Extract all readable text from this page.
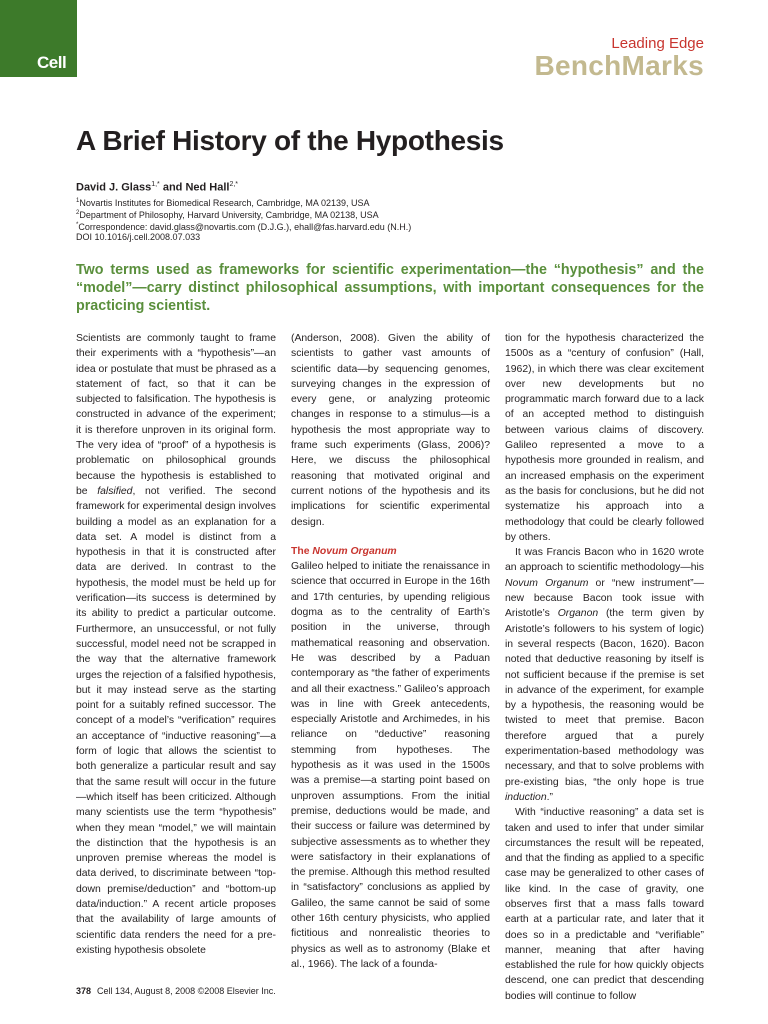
Cell
Leading Edge
BenchMarks
A Brief History of the Hypothesis
David J. Glass$^{1,*}$ and Ned Hall$^{2,*}$
$^1$Novartis Institutes for Biomedical Research, Cambridge, MA 02139, USA
$^2$Department of Philosophy, Harvard University, Cambridge, MA 02138, USA
*Correspondence: david.glass@novartis.com (D.J.G.), ehall@fas.harvard.edu (N.H.)
DOI 10.1016/j.cell.2008.07.033

Two terms used as frameworks for scientific experimentation—the “hypothesis” and the “model”—carry distinct philosophical assumptions, with important consequences for the practicing scientist.

Scientists are commonly taught to frame their experiments with a “hypothesis”—an idea or postulate that must be phrased as a statement of fact, so that it can be subjected to falsification. The hypothesis is constructed in advance of the experiment; it is therefore unproven in its original form. The very idea of “proof” of a hypothesis is problematic on philosophical grounds because the hypothesis is established to be falsified, not verified. The second framework for experimental design involves building a model as an explanation for a data set. A model is distinct from a hypothesis in that it is constructed after data are derived. In contrast to the hypothesis, the model must be held up for verification—its success is determined by its ability to predict a particular outcome. Furthermore, an unsuccessful, or not fully successful, model need not be scrapped in the way that the alternative framework urges the rejection of a falsified hypothesis, but it may instead serve as the starting point for a suitably refined successor. The concept of a model’s “verification” requires an acceptance of “inductive reasoning”—a form of logic that allows the scientist to both generalize a particular result and say that the same result will occur in the future—which itself has been criticized. Although many scientists use the term “hypothesis” when they mean “model,” we will maintain the distinction that the hypothesis is an unproven premise whereas the model is data derived, to discriminate between “top-down premise/deduction” and “bottom-up data/induction.” A recent article proposes that the availability of large amounts of scientific data renders the need for a pre-existing hypothesis obsolete

(Anderson, 2008). Given the ability of scientists to gather vast amounts of scientific data—by sequencing genomes, surveying changes in the expression of every gene, or analyzing proteomic changes in response to a stimulus—is a hypothesis the most appropriate way to frame such experiments (Glass, 2006)? Here, we discuss the philosophical reasoning that motivated original and current notions of the hypothesis and its implications for scientific experimental design.

The Novum Organum

Galileo helped to initiate the renaissance in science that occurred in Europe in the 16th and 17th centuries, by upending religious dogma as to the centrality of Earth’s position in the universe, through mathematical reasoning and observation. He was described by a Paduan contemporary as “the father of experiments and all their exactness.” Galileo’s approach was in line with Greek antecedents, especially Aristotle and Archimedes, in his reliance on “deductive” reasoning stemming from hypotheses. The hypothesis as it was used in the 1500s was a premise—a starting point based on unproven assumptions. From the initial premise, deductions would be made, and their success or failure was determined by subjective assessments as to whether they were satisfactory in their explanations of the premise. Although this method resulted in “satisfactory” conclusions as applied by Galileo, the same cannot be said of some other 16th century physicists, who applied fictitious and nonrealistic theories to physics as well as to astronomy (Blake et al., 1966). The lack of a founda-

tion for the hypothesis characterized the 1500s as a “century of confusion” (Hall, 1962), in which there was clear excitement over new developments but no programmatic march forward due to a lack of an accepted method to distinguish between various claims of discovery. Galileo represented a move to a hypothesis more grounded in realism, and an increased emphasis on the experiment as the basis for conclusions, but he did not systematize his approach into a methodology that could be clearly followed by others.

It was Francis Bacon who in 1620 wrote an approach to scientific methodology—his Novum Organum or “new instrument”—new because Bacon took issue with Aristotle’s Organon (the term given by Aristotle’s followers to his system of logic) in several respects (Bacon, 1620). Bacon noted that deductive reasoning by itself is not sufficient because if the premise is set in advance of the experiment, for example by a hypothesis, the reasoning would be twisted to meet that premise. Bacon therefore argued that a purely experimentation-based methodology was necessary, and that to solve problems with pre-existing bias, “the only hope is true induction.”

With “inductive reasoning” a data set is taken and used to infer that under similar circumstances the result will be repeated, and that the finding as applied to a specific case may be generalized to other cases of like kind. In the case of gravity, one observes first that a mass falls toward earth at a particular rate, and later that it does so in a predictable and “verifiable” manner, meaning that after having established the rule for how quickly objects descend, one can predict that descending bodies will continue to follow

378 Cell 134, August 8, 2008 ©2008 Elsevier Inc.
